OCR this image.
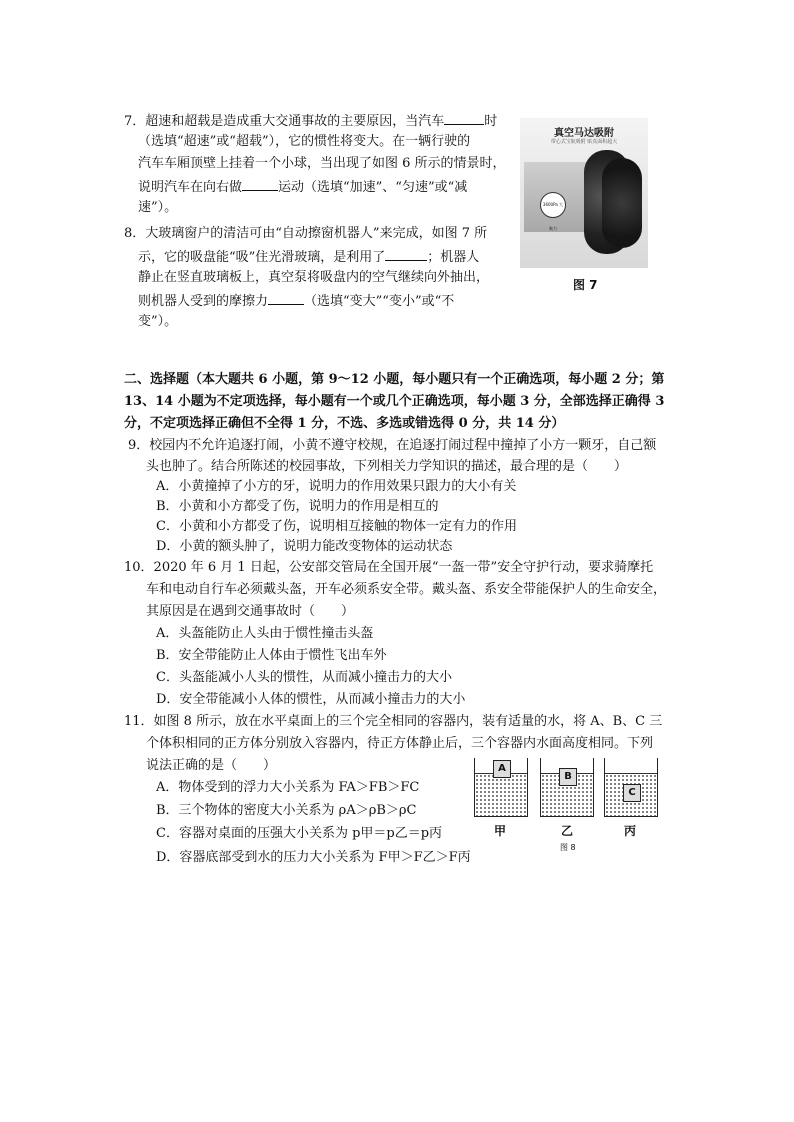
7．超速和超载是造成重大交通事故的主要原因，当汽车	时
（选填“超速”或“超载”），它的惯性将变大。在一辆行驶的
汽车车厢顶壁上挂着一个小球，当出现了如图 6 所示的情景时，
说明汽车在向右做	运动（选填“加速”、“匀速”或“减
速”）。
8．大玻璃窗户的清洁可由“自动擦窗机器人”来完成，如图 7 所
示，它的吸盘能“吸”住光滑玻璃，是利用了	；机器人
静止在竖直玻璃板上，真空泵将吸盘内的空气继续向外抽出，
则机器人受到的摩擦力	（选填“变大”“变小”或“不
变”）。
真空马达吸附
带心式宝航吸附 贴真面积超大
3600Pa 大吸力
图 7
二、选择题（本大题共 6 小题，第 9～12 小题，每小题只有一个正确选项，每小题 2 分；第
13、14 小题为不定项选择，每小题有一个或几个正确选项，每小题 3 分，全部选择正确得 3
分，不定项选择正确但不全得 1 分，不选、多选或错选得 0 分，共 14 分）
9．校园内不允许追逐打闹，小黄不遵守校规，在追逐打闹过程中撞掉了小方一颗牙，自己额
头也肿了。结合所陈述的校园事故，下列相关力学知识的描述，最合理的是（　　）
A．小黄撞掉了小方的牙，说明力的作用效果只跟力的大小有关
B．小黄和小方都受了伤，说明力的作用是相互的
C．小黄和小方都受了伤，说明相互接触的物体一定有力的作用
D．小黄的额头肿了，说明力能改变物体的运动状态
10．2020 年 6 月 1 日起，公安部交管局在全国开展“一盔一带”安全守护行动，要求骑摩托
车和电动自行车必须戴头盔，开车必须系安全带。戴头盔、系安全带能保护人的生命安全，
其原因是在遇到交通事故时（　　）
A．头盔能防止人头由于惯性撞击头盔
B．安全带能防止人体由于惯性飞出车外
C．头盔能减小人头的惯性，从而减小撞击力的大小
D．安全带能减小人体的惯性，从而减小撞击力的大小
11．如图 8 所示，放在水平桌面上的三个完全相同的容器内，装有适量的水，将 A、B、C 三
个体积相同的正方体分别放入容器内，待正方体静止后，三个容器内水面高度相同。下列
说法正确的是（　　）
A．物体受到的浮力大小关系为 FA＞FB＞FC
B．三个物体的密度大小关系为 ρA＞ρB＞ρC
C．容器对桌面的压强大小关系为 p甲＝p乙＝p丙
D．容器底部受到水的压力大小关系为 F甲＞F乙＞F丙
A
B
C
甲	乙	丙
图 8
